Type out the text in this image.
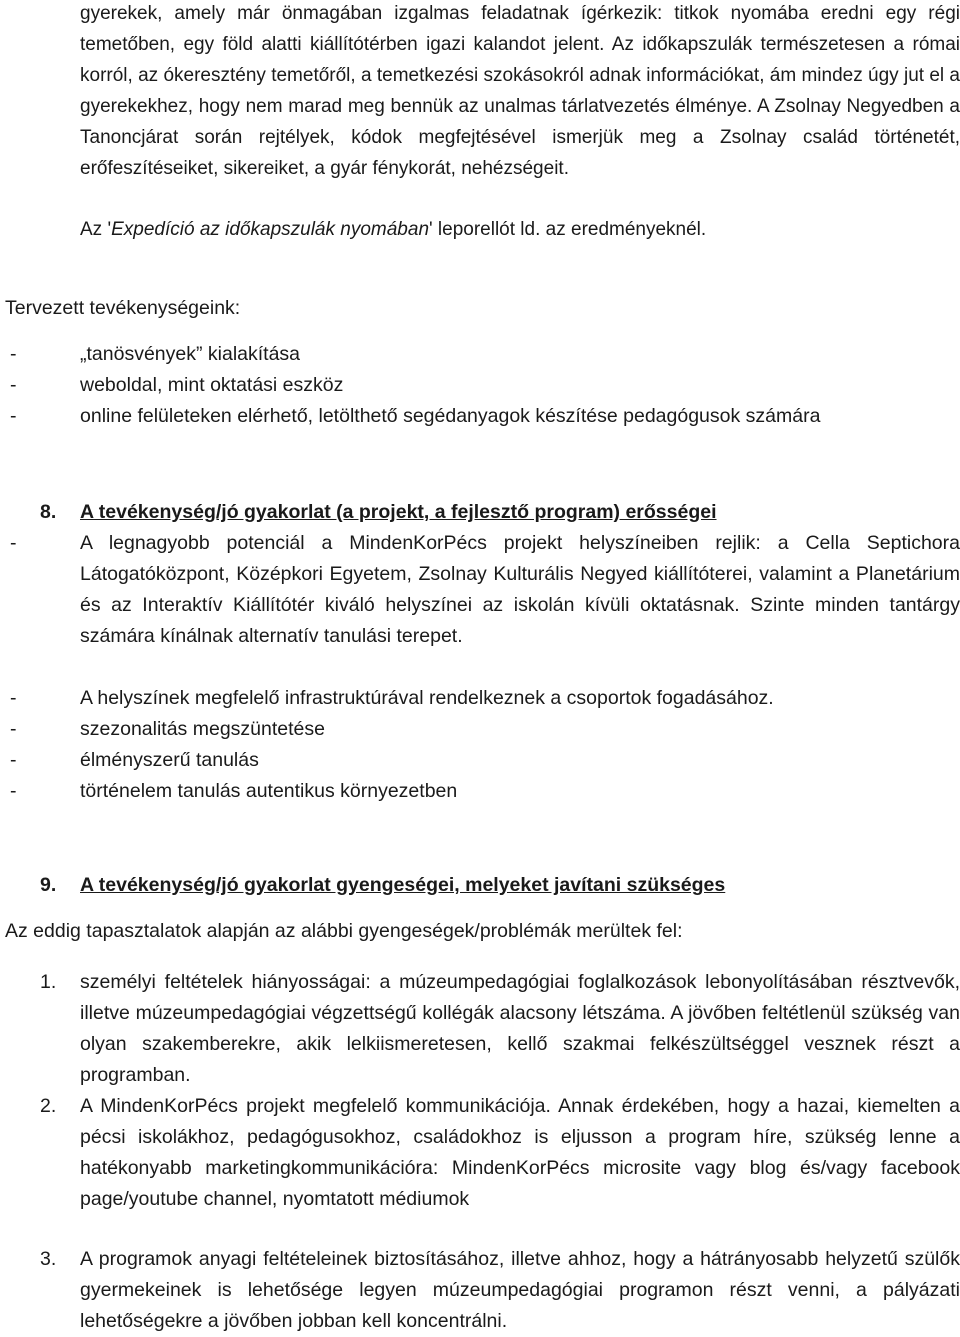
gyerekek, amely már önmagában izgalmas feladatnak ígérkezik: titkok nyomába eredni egy régi temetőben, egy föld alatti kiállítótérben igazi kalandot jelent. Az időkapszulák természetesen a római korról, az ókeresztény temetőről, a temetkezési szokásokról adnak információkat, ám mindez úgy jut el a gyerekekhez, hogy nem marad meg bennük az unalmas tárlatvezetés élménye. A Zsolnay Negyedben a Tanoncjárat során rejtélyek, kódok megfejtésével ismerjük meg a Zsolnay család történetét, erőfeszítéseiket, sikereiket, a gyár fénykorát, nehézségeit.

Az 'Expedíció az időkapszulák nyomában' leporellót ld. az eredményeknél.

Tervezett tevékenységeink:

-	„tanösvények” kialakítása

-	weboldal, mint oktatási eszköz

-	online felületeken elérhető, letölthető segédanyagok készítése pedagógusok számára

8. A tevékenység/jó gyakorlat (a projekt, a fejlesztő program) erősségei

-	A legnagyobb potenciál a MindenKorPécs projekt helyszíneiben rejlik: a Cella Septichora Látogatóközpont, Középkori Egyetem, Zsolnay Kulturális Negyed kiállítóterei, valamint a Planetárium és az Interaktív Kiállítótér kiváló helyszínei az iskolán kívüli oktatásnak. Szinte minden tantárgy számára kínálnak alternatív tanulási terepet.

-	A helyszínek megfelelő infrastruktúrával rendelkeznek a csoportok fogadásához.

-	szezonalitás megszüntetése

-	élményszerű tanulás

-	történelem tanulás autentikus környezetben

9. A tevékenység/jó gyakorlat gyengeségei, melyeket javítani szükséges

Az eddig tapasztalatok alapján az alábbi gyengeségek/problémák merültek fel:

1. személyi feltételek hiányosságai: a múzeumpedagógiai foglalkozások lebonyolításában résztvevők, illetve múzeumpedagógiai végzettségű kollégák alacsony létszáma. A jövőben feltétlenül szükség van olyan szakemberekre, akik lelkiismeretesen, kellő szakmai felkészültséggel vesznek részt a programban.

2. A MindenKorPécs projekt megfelelő kommunikációja. Annak érdekében, hogy a hazai, kiemelten a pécsi iskolákhoz, pedagógusokhoz, családokhoz is eljusson a program híre, szükség lenne a hatékonyabb marketingkommunikációra: MindenKorPécs microsite vagy blog és/vagy facebook page/youtube channel, nyomtatott médiumok

3. A programok anyagi feltételeinek biztosításához, illetve ahhoz, hogy a hátrányosabb helyzetű szülők gyermekeinek is lehetősége legyen múzeumpedagógiai programon részt venni, a pályázati lehetőségekre a jövőben jobban kell koncentrálni.
